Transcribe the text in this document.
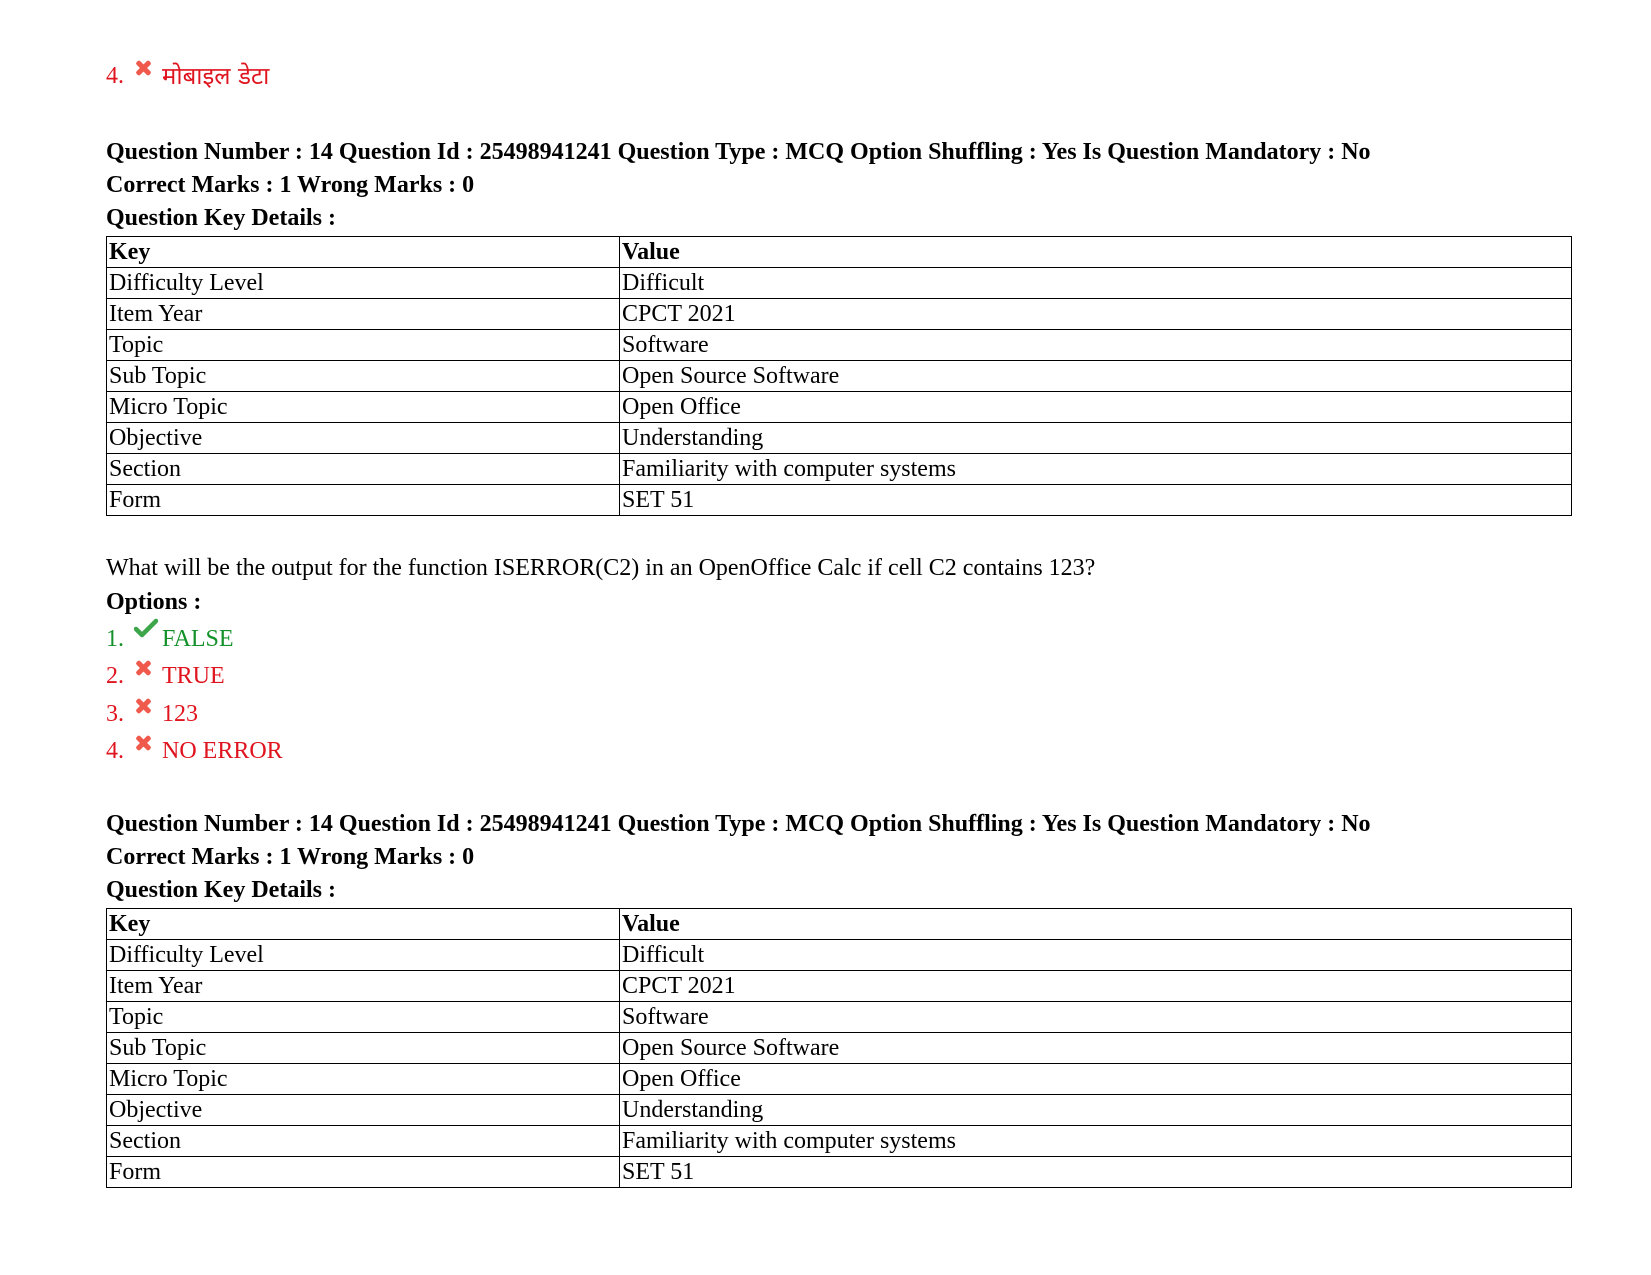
4.	मोबाइल डेटा
Question Number : 14 Question Id : 25498941241 Question Type : MCQ Option Shuffling : Yes Is Question Mandatory : No
Correct Marks : 1 Wrong Marks : 0
Question Key Details :
Key	Value
Difficulty Level	Difficult
Item Year	CPCT 2021
Topic	Software
Sub Topic	Open Source Software
Micro Topic	Open Office
Objective	Understanding
Section	Familiarity with computer systems
Form	SET 51
What will be the output for the function ISERROR(C2) in an OpenOffice Calc if cell C2 contains 123?
Options :
1.	FALSE
2.	TRUE
3.	123
4.	NO ERROR
Question Number : 14 Question Id : 25498941241 Question Type : MCQ Option Shuffling : Yes Is Question Mandatory : No
Correct Marks : 1 Wrong Marks : 0
Question Key Details :
Key	Value
Difficulty Level	Difficult
Item Year	CPCT 2021
Topic	Software
Sub Topic	Open Source Software
Micro Topic	Open Office
Objective	Understanding
Section	Familiarity with computer systems
Form	SET 51
